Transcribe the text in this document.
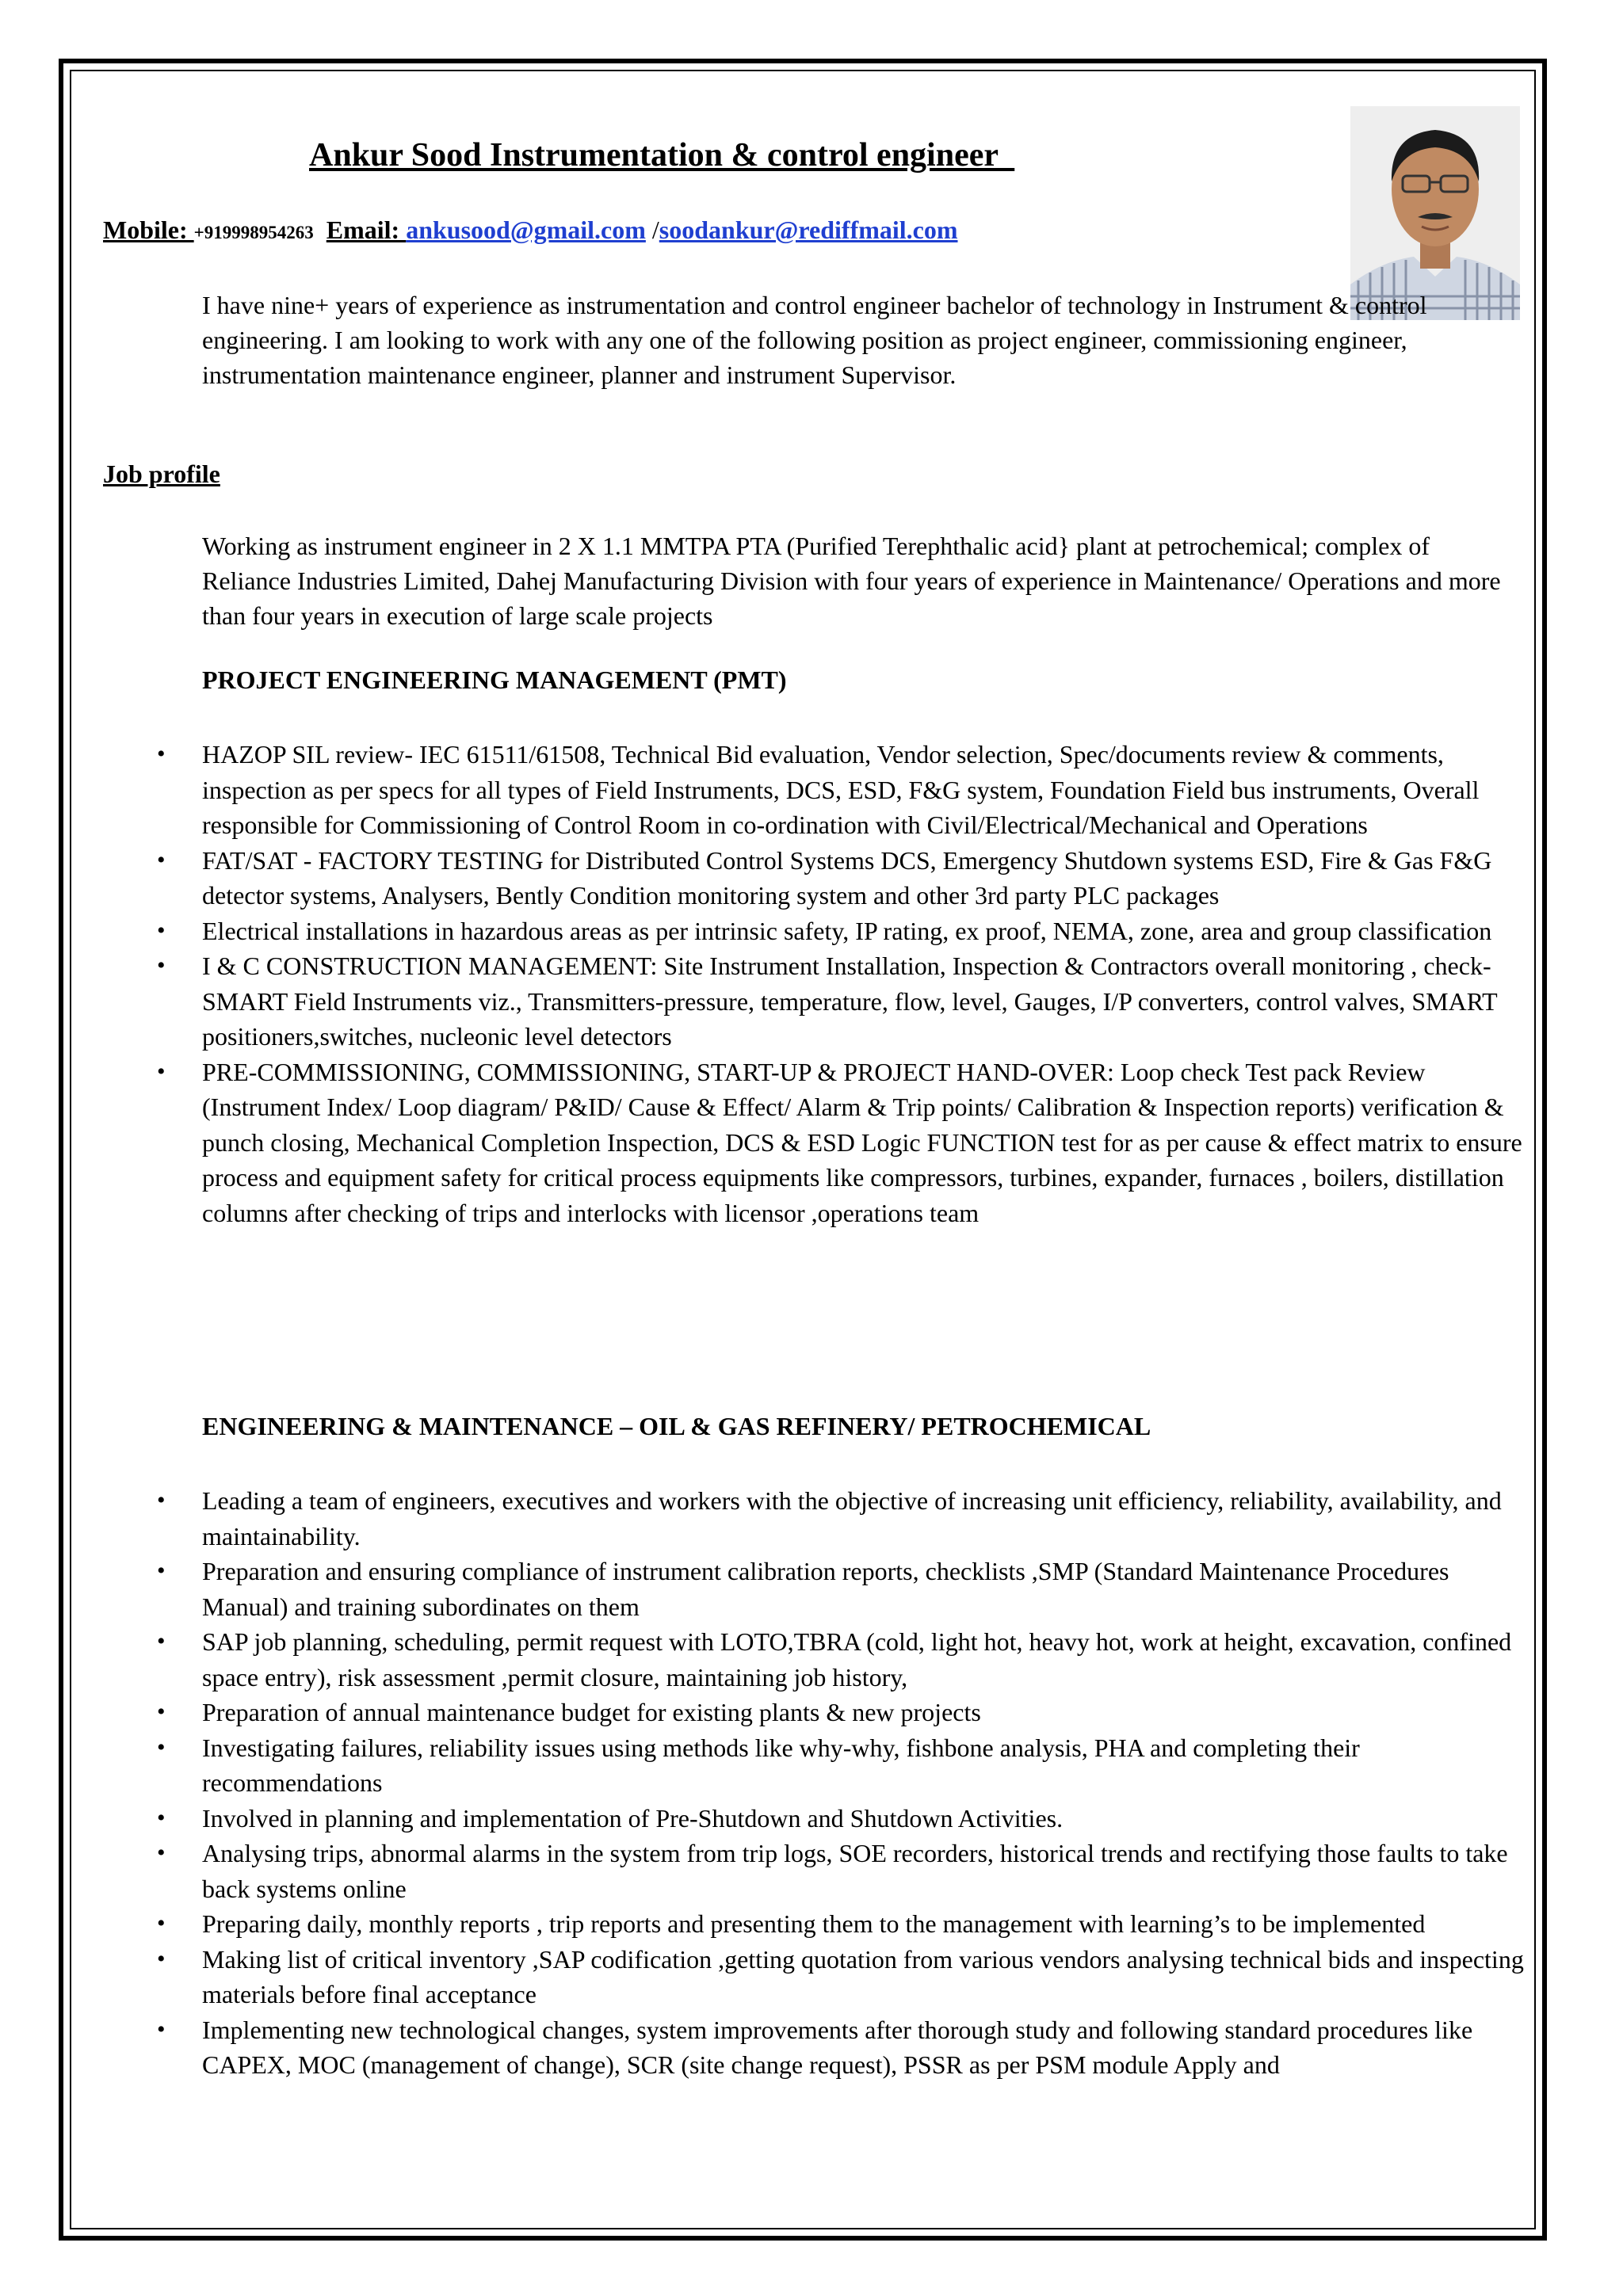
Ankur Sood Instrumentation & control engineer
Mobile: +919998954263 Email: ankusood@gmail.com /soodankur@rediffmail.com
I have nine+ years of experience as instrumentation and control engineer bachelor of technology in Instrument & control engineering. I am looking to work with any one of the following position as project engineer, commissioning engineer, instrumentation maintenance engineer, planner and instrument Supervisor.
Job profile
Working as instrument engineer in 2 X 1.1 MMTPA PTA (Purified Terephthalic acid} plant at petrochemical; complex of Reliance Industries Limited, Dahej Manufacturing Division with four years of experience in Maintenance/ Operations and more than four years in execution of large scale projects
PROJECT ENGINEERING MANAGEMENT (PMT)
• HAZOP SIL review- IEC 61511/61508, Technical Bid evaluation, Vendor selection, Spec/documents review & comments, inspection as per specs for all types of Field Instruments, DCS, ESD, F&G system, Foundation Field bus instruments, Overall responsible for Commissioning of Control Room in co-ordination with Civil/Electrical/Mechanical and Operations
• FAT/SAT - FACTORY TESTING for Distributed Control Systems DCS, Emergency Shutdown systems ESD, Fire & Gas F&G detector systems, Analysers, Bently Condition monitoring system and other 3rd party PLC packages
• Electrical installations in hazardous areas as per intrinsic safety, IP rating, ex proof, NEMA, zone, area and group classification
• I & C CONSTRUCTION MANAGEMENT: Site Instrument Installation, Inspection & Contractors overall monitoring , check-SMART Field Instruments viz., Transmitters-pressure, temperature, flow, level, Gauges, I/P converters, control valves, SMART positioners,switches, nucleonic level detectors
• PRE-COMMISSIONING, COMMISSIONING, START-UP & PROJECT HAND-OVER: Loop check Test pack Review (Instrument Index/ Loop diagram/ P&ID/ Cause & Effect/ Alarm & Trip points/ Calibration & Inspection reports) verification & punch closing, Mechanical Completion Inspection, DCS & ESD Logic FUNCTION test for as per cause & effect matrix to ensure process and equipment safety for critical process equipments like compressors, turbines, expander, furnaces , boilers, distillation columns after checking of trips and interlocks with licensor ,operations team
ENGINEERING & MAINTENANCE – OIL & GAS REFINERY/ PETROCHEMICAL
• Leading a team of engineers, executives and workers with the objective of increasing unit efficiency, reliability, availability, and maintainability.
• Preparation and ensuring compliance of instrument calibration reports, checklists ,SMP (Standard Maintenance Procedures Manual) and training subordinates on them
• SAP job planning, scheduling, permit request with LOTO,TBRA (cold, light hot, heavy hot, work at height, excavation, confined space entry), risk assessment ,permit closure, maintaining job history,
• Preparation of annual maintenance budget for existing plants & new projects
• Investigating failures, reliability issues using methods like why-why, fishbone analysis, PHA and completing their recommendations
• Involved in planning and implementation of Pre-Shutdown and Shutdown Activities.
• Analysing trips, abnormal alarms in the system from trip logs, SOE recorders, historical trends and rectifying those faults to take back systems online
• Preparing daily, monthly reports , trip reports and presenting them to the management with learning’s to be implemented
• Making list of critical inventory ,SAP codification ,getting quotation from various vendors analysing technical bids and inspecting materials before final acceptance
• Implementing new technological changes, system improvements after thorough study and following standard procedures like CAPEX, MOC (management of change), SCR (site change request), PSSR as per PSM module Apply and
